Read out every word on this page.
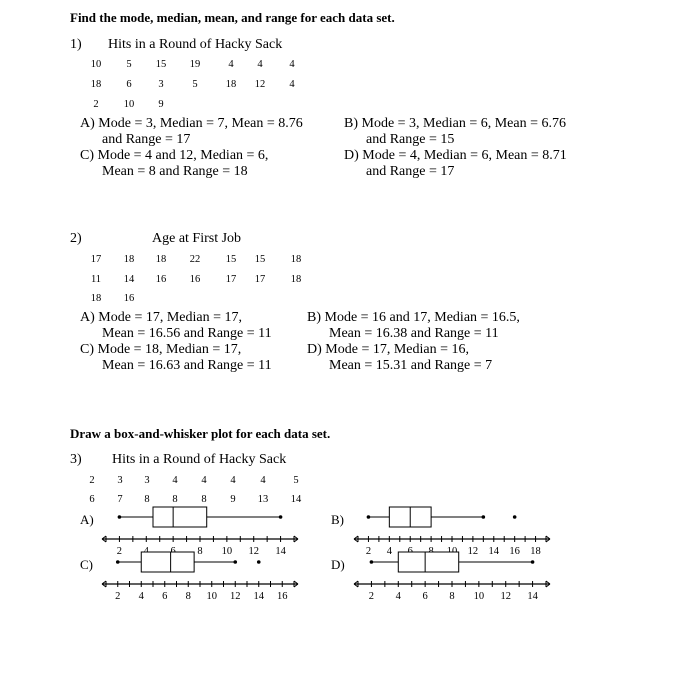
Find the mode, median, mean, and range for each data set.
1) Hits in a Round of Hacky Sack
10 5 15 19	4 4	4
18 6	3	5	18 12 4
2 10 9
A) Mode = 3, Median = 7, Mean = 8.76
and Range = 17
C) Mode = 4 and 12, Median = 6,
Mean = 8 and Range = 18
B) Mode = 3, Median = 6, Mean = 6.76
and Range = 15
D) Mode = 4, Median = 6, Mean = 8.71
and Range = 17
2)	Age at First Job
17 18 18 22 15 15 18
11 14 16 16 17 17 18
18 16
A) Mode = 17, Median = 17,
Mean = 16.56 and Range = 11
C) Mode = 18, Median = 17,
Mean = 16.63 and Range = 11
B) Mode = 16 and 17, Median = 16.5,
Mean = 16.38 and Range = 11
D) Mode = 17, Median = 16,
Mean = 15.31 and Range = 7
Draw a box-and-whisker plot for each data set.
3) Hits in a Round of Hacky Sack
2 3 3 4 4 4 4	5
6 7 8 8 8 9 13 14
A)	B)
C)	D)
2	8 10 12 14	2 4	12 14 16 18
2 4 6 8 10 12 14 16	2 4 6 8 10 12 14
